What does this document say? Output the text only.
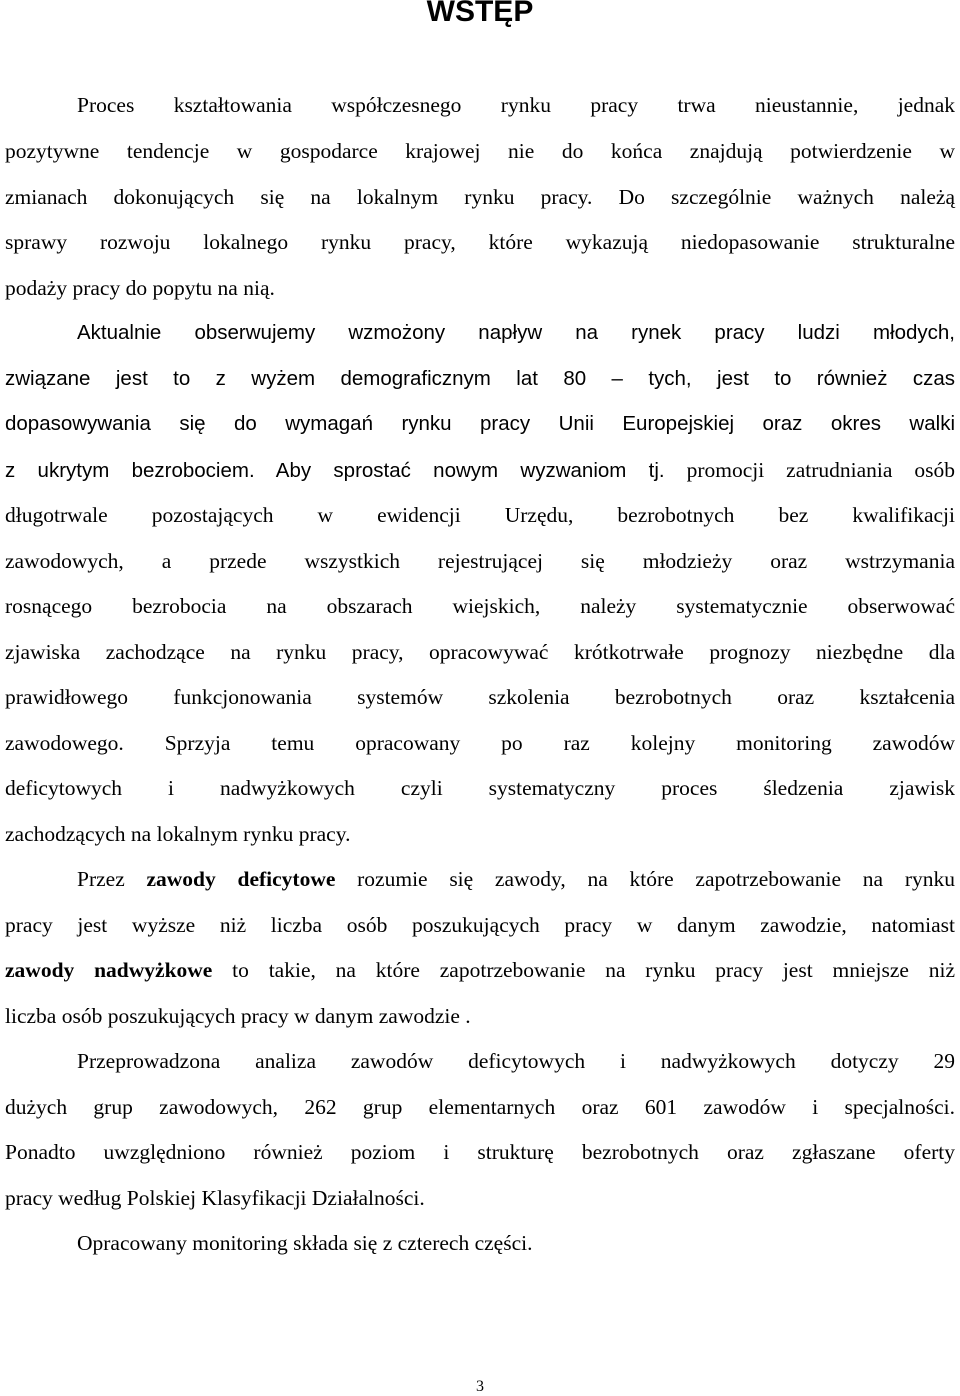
WSTĘP

Proces kształtowania współczesnego rynku pracy trwa nieustannie, jednak

pozytywne tendencje w gospodarce krajowej nie do końca znajdują potwierdzenie w

zmianach dokonujących się na lokalnym rynku pracy. Do szczególnie ważnych należą

sprawy rozwoju lokalnego rynku pracy, które wykazują niedopasowanie strukturalne

podaży pracy do popytu na nią.

Aktualnie obserwujemy wzmożony napływ na rynek pracy ludzi młodych,

związane jest to z wyżem demograficznym lat 80 – tych, jest to również czas

dopasowywania się do wymagań rynku pracy Unii Europejskiej oraz okres walki

z ukrytym bezrobociem. Aby sprostać nowym wyzwaniom tj. promocji zatrudniania osób

długotrwale pozostających w ewidencji Urzędu, bezrobotnych bez kwalifikacji

zawodowych, a przede wszystkich rejestrującej się młodzieży oraz wstrzymania

rosnącego bezrobocia na obszarach wiejskich, należy systematycznie obserwować

zjawiska zachodzące na rynku pracy, opracowywać krótkotrwałe prognozy niezbędne dla

prawidłowego funkcjonowania systemów szkolenia bezrobotnych oraz kształcenia

zawodowego. Sprzyja temu opracowany po raz kolejny monitoring zawodów

deficytowych i nadwyżkowych czyli systematyczny proces śledzenia zjawisk

zachodzących na lokalnym rynku pracy.

Przez zawody deficytowe rozumie się zawody, na które zapotrzebowanie na rynku

pracy jest wyższe niż liczba osób poszukujących pracy w danym zawodzie, natomiast

zawody nadwyżkowe to takie, na które zapotrzebowanie na rynku pracy jest mniejsze niż

liczba osób poszukujących pracy w danym zawodzie .

Przeprowadzona analiza zawodów deficytowych i nadwyżkowych dotyczy 29

dużych grup zawodowych, 262 grup elementarnych oraz 601 zawodów i specjalności.

Ponadto uwzględniono również poziom i strukturę bezrobotnych oraz zgłaszane oferty

pracy według Polskiej Klasyfikacji Działalności.

Opracowany monitoring składa się z czterech części.

3
